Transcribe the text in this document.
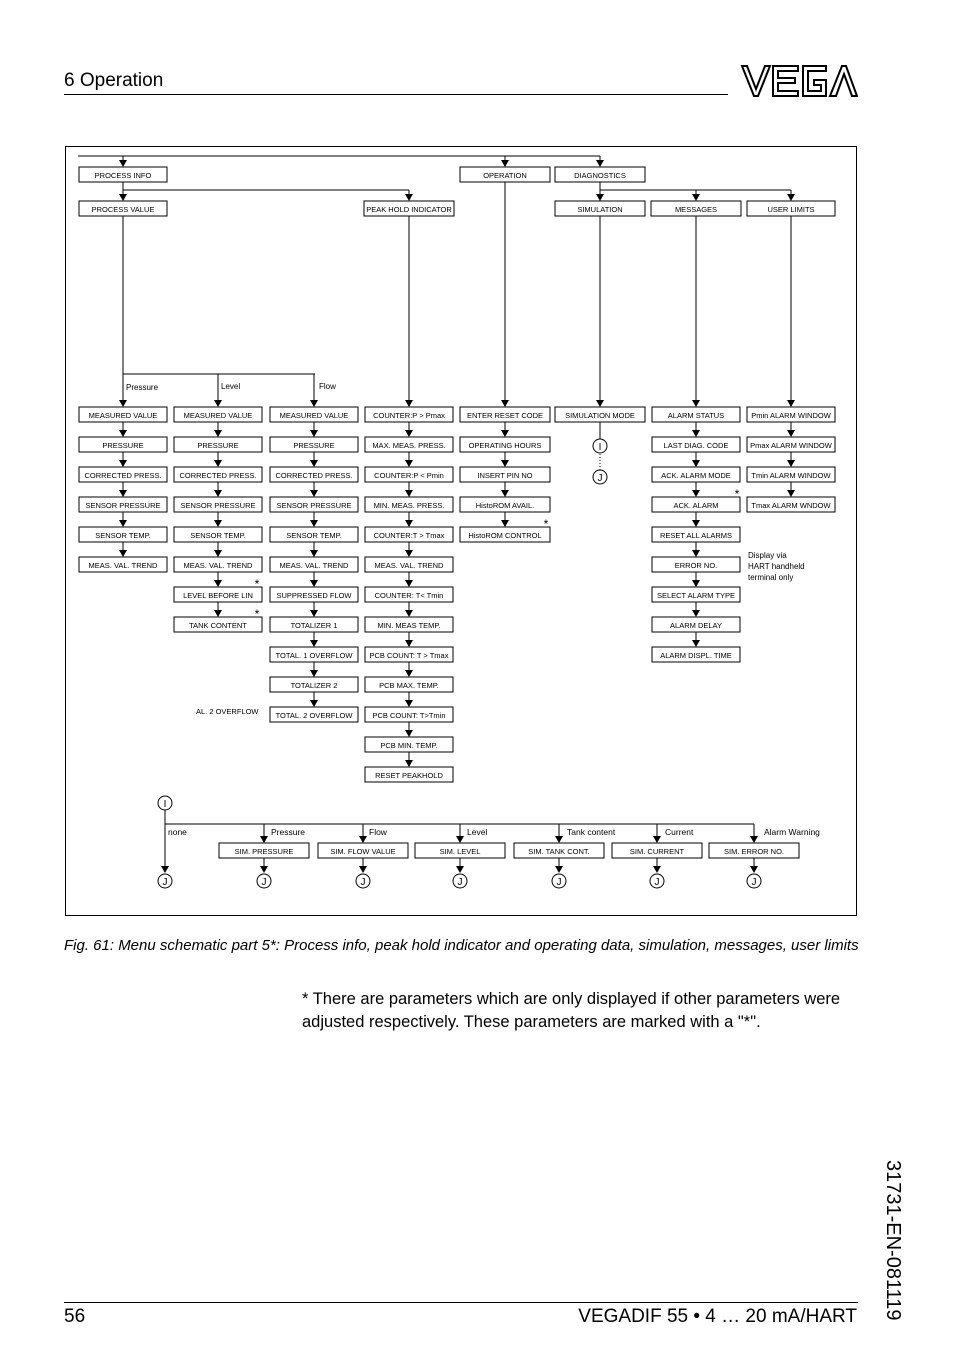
6 Operation
PROCESS INFO	OPERATION	DIAGNOSTICS
PROCESS VALUE	PEAK HOLD INDICATOR	SIMULATION	MESSAGES	USER LIMITS
Pressure	Level	Flow
MEASURED VALUE
PRESSURE
CORRECTED PRESS.
SENSOR PRESSURE
SENSOR TEMP.
MEAS. VAL. TREND
MEASURED VALUE
PRESSURE
CORRECTED PRESS.
SENSOR PRESSURE
SENSOR TEMP.
MEAS. VAL. TREND
LEVEL BEFORE LIN
TANK CONTENT
MEASURED VALUE
PRESSURE
CORRECTED PRESS.
SENSOR PRESSURE
SENSOR TEMP.
MEAS. VAL. TREND
SUPPRESSED FLOW
TOTALIZER 1
TOTAL. 1 OVERFLOW
TOTALIZER 2
TOTAL. 2 OVERFLOW
COUNTER:P > Pmax
MAX. MEAS. PRESS.
COUNTER:P < Pmin
MIN. MEAS. PRESS.
COUNTER:T > Tmax
MEAS. VAL. TREND
COUNTER: T< Tmin
MIN. MEAS TEMP.
PCB COUNT: T > Tmax
PCB MAX. TEMP.
PCB COUNT: T>Tmin
PCB MIN. TEMP.
RESET PEAKHOLD
ENTER RESET CODE
OPERATING HOURS
INSERT PIN NO
HistoROM AVAIL.
HistoROM CONTROL
SIMULATION MODE	ALARM STATUS
LAST DIAG. CODE
ACK. ALARM MODE
ACK. ALARM
RESET ALL ALARMS
ERROR NO.
SELECT ALARM TYPE
ALARM DELAY
ALARM DISPL. TIME
Pmin ALARM WINDOW
Pmax ALARM WINDOW
Tmin ALARM WINDOW
Tmax ALARM WNDOW
*
*
*
*
AL. 2 OVERFLOW
Display via
HART handheld
terminal only
I
J
I
none	Pressure	Flow	Level	Tank content	Current	Alarm Warning
SIM. PRESSURE	SIM. FLOW VALUE	SIM. LEVEL	SIM. TANK CONT.	SIM. CURRENT	SIM. ERROR NO.
J	J	J	J	J	J	J
Fig. 61: Menu schematic part 5*: Process info, peak hold indicator and operating data, simulation, messages, user limits
* There are parameters which are only displayed if other parameters were adjusted respectively. These parameters are marked with a "*".
31731-EN-081119
56	VEGADIF 55 • 4 … 20 mA/HART
